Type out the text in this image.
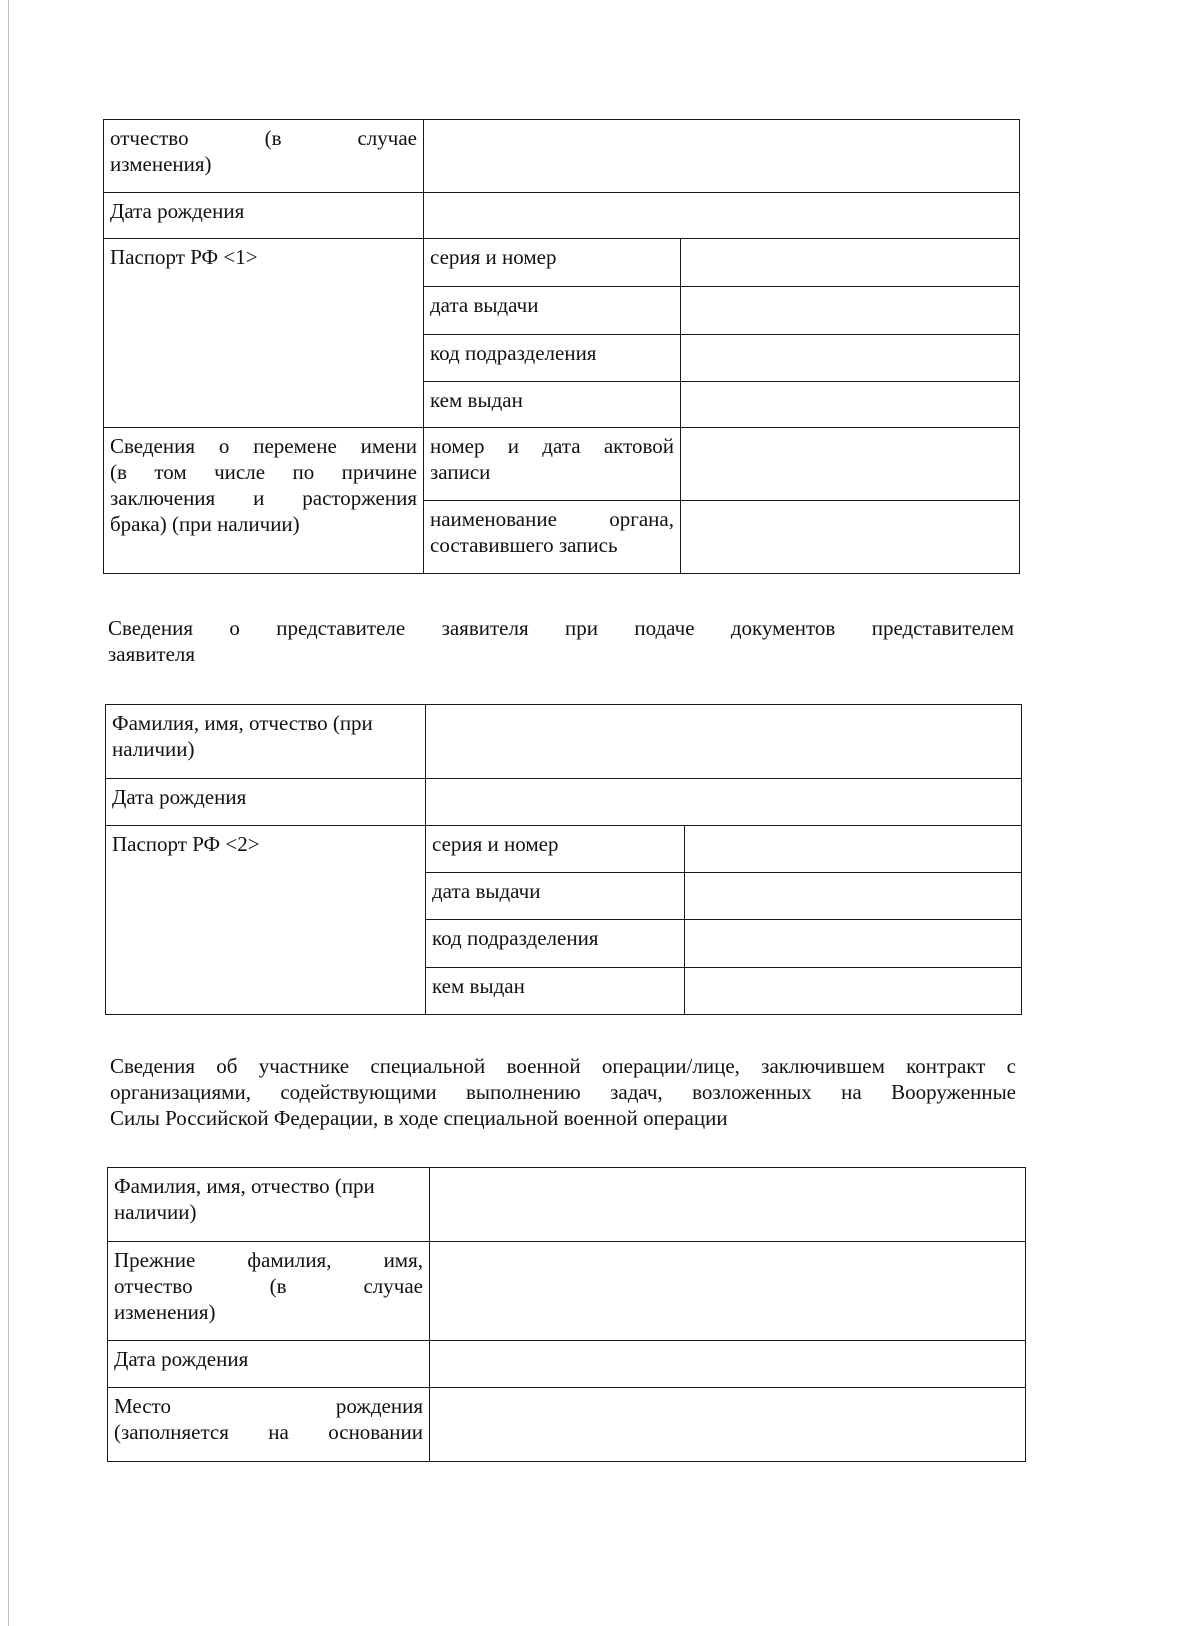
отчество (в случае
изменения)		

Дата рождения		
Паспорт РФ <1>	серия и номер	
	дата выдачи	
	код подразделения	
	кем выдан	

Сведения о перемене имени
(в том числе по причине
заключения и расторжения
брака) (при наличии)	номер и дата актовой
записи	

	наименование органа,
составившего запись	

Сведения о представителе заявителя при подаче документов представителем
заявителя

Фамилия, имя, отчество (при
наличии)		

Дата рождения		
Паспорт РФ <2>	серия и номер	
	дата выдачи	
	код подразделения	
	кем выдан	

Сведения об участнике специальной военной операции/лице, заключившем контракт с
организациями, содействующими выполнению задач, возложенных на Вооруженные
Силы Российской Федерации, в ходе специальной военной операции

Фамилия, имя, отчество (при
наличии)	

Прежние фамилия, имя,
отчество (в случае
изменения)	

Дата рождения	

Место рождения
(заполняется на основании	
